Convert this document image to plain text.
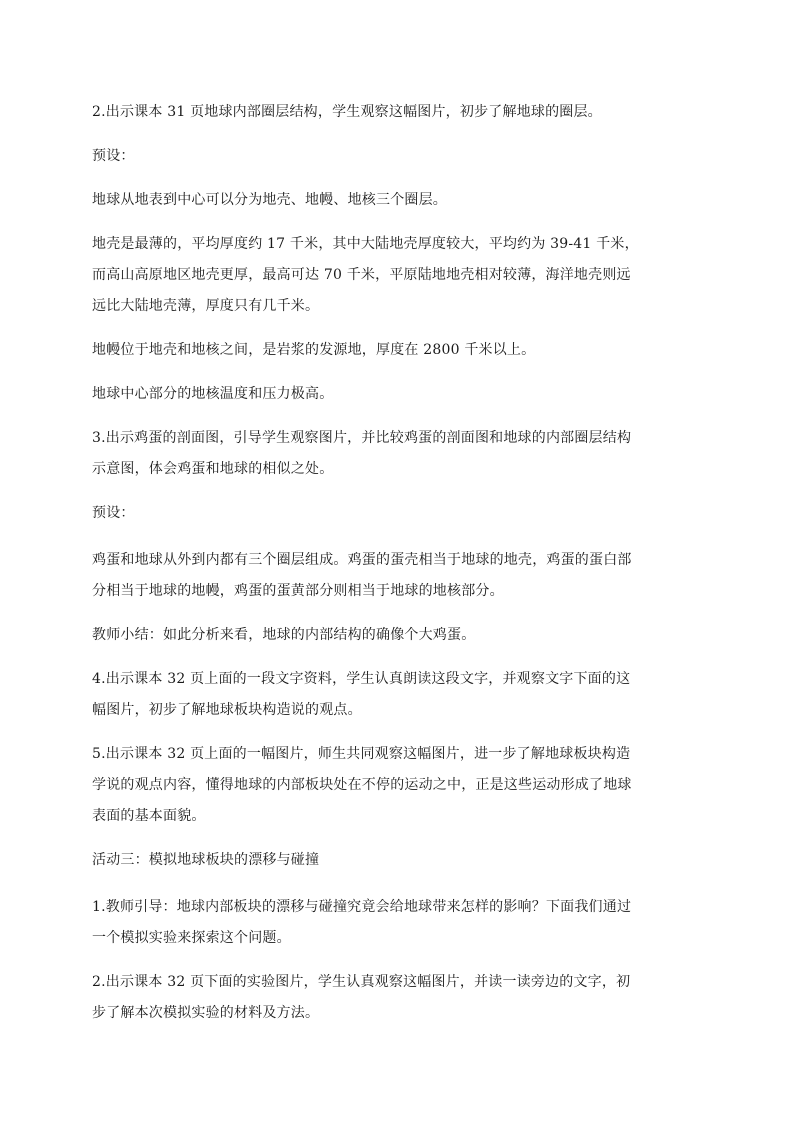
2.出示课本 31 页地球内部圈层结构，学生观察这幅图片，初步了解地球的圈层。
预设：
地球从地表到中心可以分为地壳、地幔、地核三个圈层。
地壳是最薄的，平均厚度约 17 千米，其中大陆地壳厚度较大，平均约为 39-41 千米，
而高山高原地区地壳更厚，最高可达 70 千米，平原陆地地壳相对较薄，海洋地壳则远
远比大陆地壳薄，厚度只有几千米。
地幔位于地壳和地核之间，是岩浆的发源地，厚度在 2800 千米以上。
地球中心部分的地核温度和压力极高。
3.出示鸡蛋的剖面图，引导学生观察图片，并比较鸡蛋的剖面图和地球的内部圈层结构
示意图，体会鸡蛋和地球的相似之处。
预设：
鸡蛋和地球从外到内都有三个圈层组成。鸡蛋的蛋壳相当于地球的地壳，鸡蛋的蛋白部
分相当于地球的地幔，鸡蛋的蛋黄部分则相当于地球的地核部分。
教师小结：如此分析来看，地球的内部结构的确像个大鸡蛋。
4.出示课本 32 页上面的一段文字资料，学生认真朗读这段文字，并观察文字下面的这
幅图片，初步了解地球板块构造说的观点。
5.出示课本 32 页上面的一幅图片，师生共同观察这幅图片，进一步了解地球板块构造
学说的观点内容，懂得地球的内部板块处在不停的运动之中，正是这些运动形成了地球
表面的基本面貌。
活动三：模拟地球板块的漂移与碰撞
1.教师引导：地球内部板块的漂移与碰撞究竟会给地球带来怎样的影响？下面我们通过
一个模拟实验来探索这个问题。
2.出示课本 32 页下面的实验图片，学生认真观察这幅图片，并读一读旁边的文字，初
步了解本次模拟实验的材料及方法。
